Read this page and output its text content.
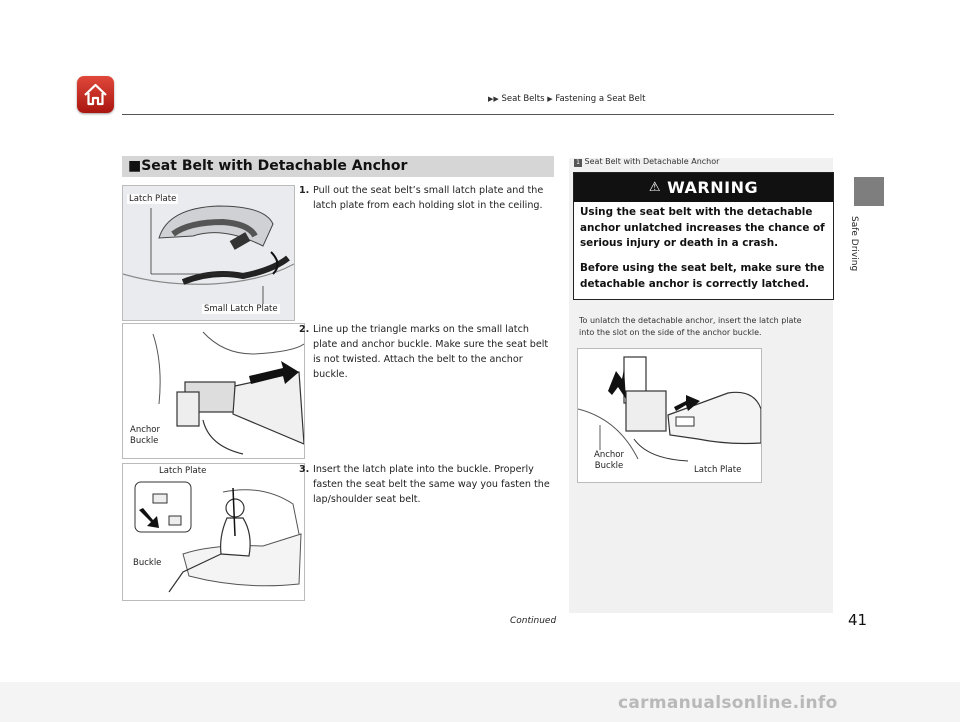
▶▶ Seat Belts ▶ Fastening a Seat Belt
Safe Driving
■Seat Belt with Detachable Anchor
Latch Plate
Small Latch Plate
Anchor Buckle
Latch Plate
Buckle
1. Pull out the seat belt’s small latch plate and the latch plate from each holding slot in the ceiling.
2. Line up the triangle marks on the small latch plate and anchor buckle. Make sure the seat belt is not twisted. Attach the belt to the anchor buckle.
3. Insert the latch plate into the buckle. Properly fasten the seat belt the same way you fasten the lap/shoulder seat belt.
1 Seat Belt with Detachable Anchor
⚠ WARNING
Using the seat belt with the detachable anchor unlatched increases the chance of serious injury or death in a crash.
Before using the seat belt, make sure the detachable anchor is correctly latched.
To unlatch the detachable anchor, insert the latch plate into the slot on the side of the anchor buckle.
Anchor Buckle	Latch Plate
Continued	41
carmanualsonline.info
